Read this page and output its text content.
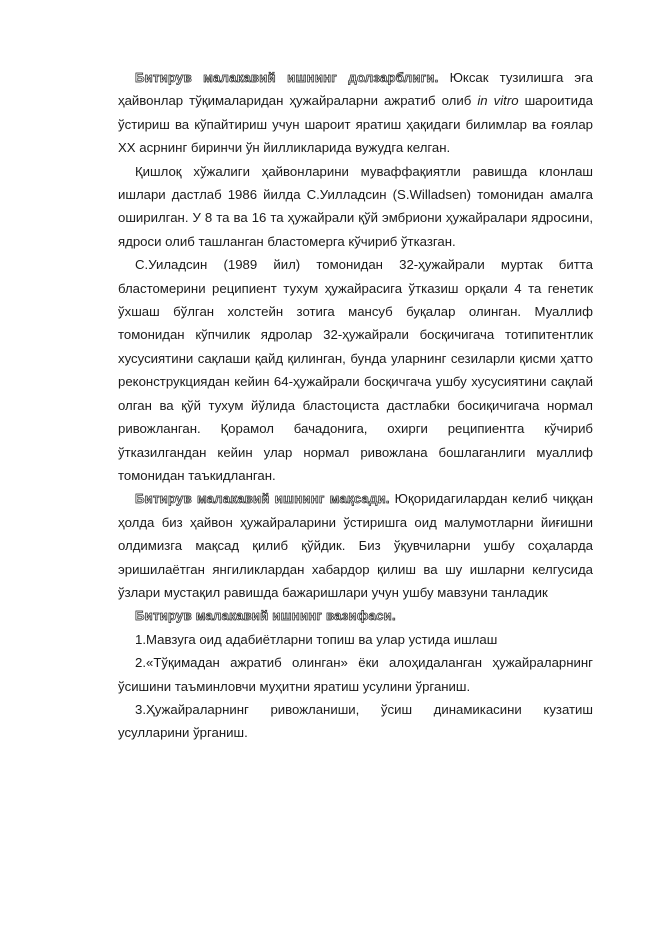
Битирув малакавий ишнинг долзарблиги. Юксак тузилишга эга ҳайвонлар тўқималаридан ҳужайраларни ажратиб олиб in vitro шароитида ўстириш ва кўпайтириш учун шароит яратиш ҳақидаги билимлар ва ғоялар XX асрнинг биринчи ўн йилликларида вужудга келган.

Қишлоқ хўжалиги ҳайвонларини муваффақиятли равишда клонлаш ишлари дастлаб 1986 йилда С.Уилладсин (S.Willadsen) томонидан амалга оширилган. У 8 та ва 16 та ҳужайрали қўй эмбриони ҳужайралари ядросини, ядроси олиб ташланган бластомерга кўчириб ўтказган.

С.Уиладсин (1989 йил) томонидан 32-ҳужайрали муртак битта бластомерини реципиент тухум ҳужайрасига ўтказиш орқали 4 та генетик ўхшаш бўлган холстейн зотига мансуб буқалар олинган. Муаллиф томонидан кўпчилик ядролар 32-ҳужайрали босқичигача тотипитентлик хусусиятини сақлаши қайд қилинган, бунда уларнинг сезиларли қисми ҳатто реконструкциядан кейин 64-ҳужайрали босқичгача ушбу хусусиятини сақлай олган ва қўй тухум йўлида бластоциста дастлабки босиқичигача нормал ривожланган. Қорамол бачадонига, охирги реципиентга кўчириб ўтказилгандан кейин улар нормал ривожлана бошлаганлиги муаллиф томонидан таъкидланган.

Битирув малакавий ишнинг мақсади. Юқоридагилардан келиб чиққан ҳолда биз ҳайвон ҳужайраларини ўстиришга оид малумотларни йиғишни олдимизга мақсад қилиб қўйдик. Биз ўқувчиларни ушбу соҳаларда эришилаётган янгиликлардан хабардор қилиш ва шу ишларни келгусида ўзлари мустақил равишда бажаришлари учун ушбу мавзуни танладик

Битирув малакавий ишнинг вазифаси.

1.Мавзуга оид адабиётларни топиш ва улар устида ишлаш

2.«Тўқимадан ажратиб олинган» ёки алоҳидаланган ҳужайраларнинг ўсишини таъминловчи муҳитни яратиш усулини ўрганиш.

3.Ҳужайраларнинг ривожланиши, ўсиш динамикасини кузатиш усулларини ўрганиш.
